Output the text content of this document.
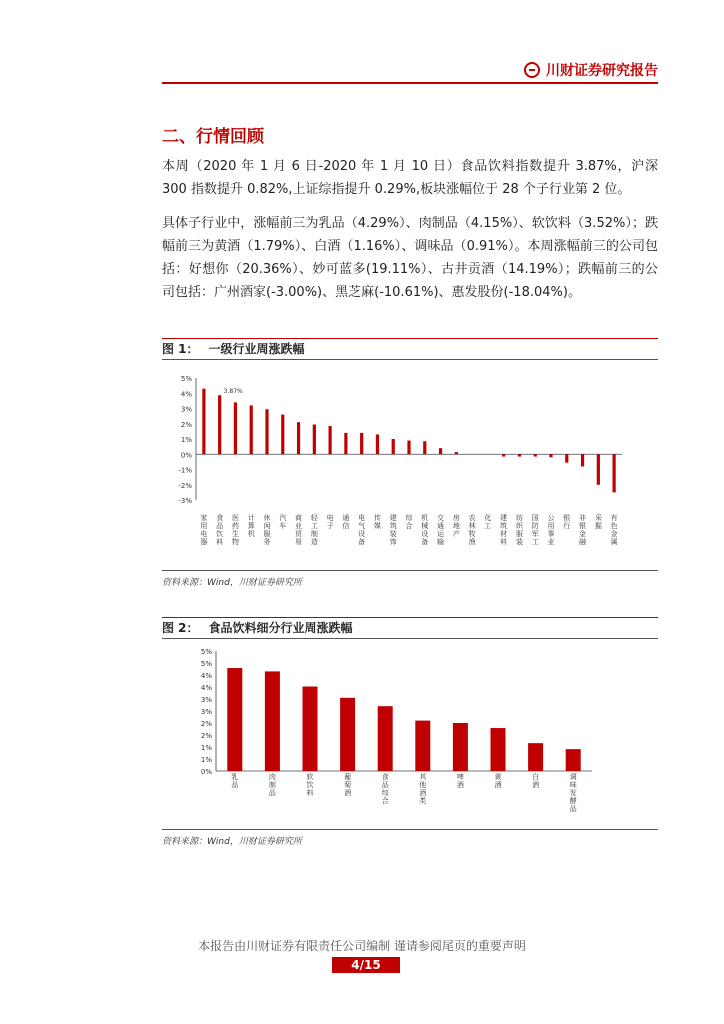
川财证券研究报告
二、行情回顾

本周（2020 年 1 月 6 日-2020 年 1 月 10 日）食品饮料指数提升 3.87%，沪深300 指数提升 0.82%,上证综指提升 0.29%,板块涨幅位于 28 个子行业第 2 位。

具体子行业中，涨幅前三为乳品（4.29%）、肉制品（4.15%）、软饮料（3.52%）；跌幅前三为黄酒（1.79%）、白酒（1.16%）、调味品（0.91%）。本周涨幅前三的公司包括：好想你（20.36%）、妙可蓝多(19.11%）、古井贡酒（14.19%）；跌幅前三的公司包括：广州酒家(-3.00%)、黑芝麻(-10.61%)、惠发股份(-18.04%)。

图 1： 一级行业周涨跌幅
5%
4%
3%
2%
1%
0%
-1%
-2%
-3%
家用电器
食品饮料
医药生物
计算机
休闲服务
汽车
商业贸易
轻工制造
电子
通信
电气设备
传媒
建筑装饰
综合
机械设备
交通运输
房地产
农林牧渔
化工
建筑材料
纺织服装
国防军工
公用事业
银行
非银金融
采掘
有色金属
3.87%
资料来源：Wind，川财证券研究所
图 2： 食品饮料细分行业周涨跌幅
5%
5%
4%
4%
3%
3%
2%
2%
1%
1%
0%
乳品
肉制品
软饮料
葡萄酒
食品综合
其他酒类
啤酒
黄酒
白酒
调味发酵品
资料来源：Wind，川财证券研究所
本报告由川财证券有限责任公司编制 谨请参阅尾页的重要声明
4/15
